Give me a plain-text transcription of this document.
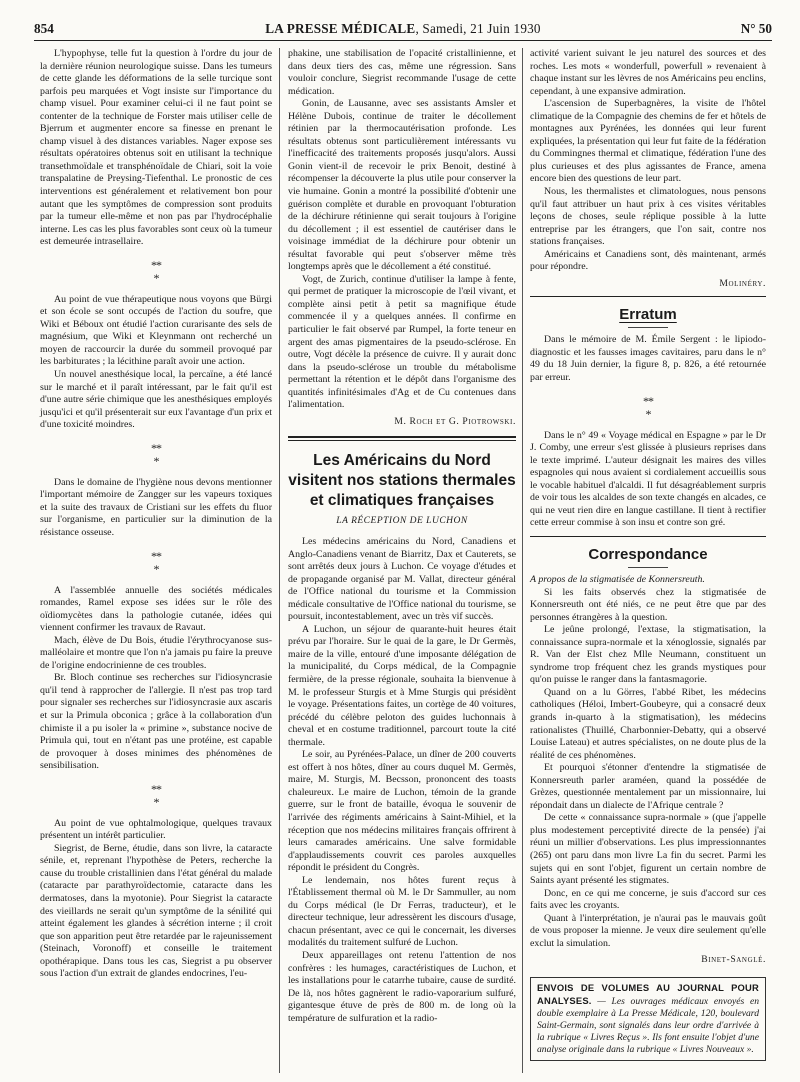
854	LA PRESSE MÉDICALE, Samedi, 21 Juin 1930	N° 50

L'hypophyse, telle fut la question à l'ordre du jour de la dernière réunion neurologique suisse. Dans les tumeurs de cette glande les déformations de la selle turcique sont parfois peu marquées et Vogt insiste sur l'importance du champ visuel. Pour examiner celui-ci il ne faut point se contenter de la technique de Forster mais utiliser celle de Bjerrum et augmenter encore sa finesse en prenant le champ visuel à des distances variables. Nager expose ses résultats opératoires obtenus soit en utilisant la technique transethmoïdale et transphénoïdale de Chiari, soit la voie transpalatine de Preysing-Tiefenthal. Le pronostic de ces interventions est généralement et relativement bon pour autant que les symptômes de compression sont produits par la tumeur elle-même et non pas par l'hydrocéphalie interne. Les cas les plus favorables sont ceux où la tumeur est demeurée intrasellaire.

**
*

Au point de vue thérapeutique nous voyons que Bürgi et son école se sont occupés de l'action du soufre, que Wiki et Béboux ont étudié l'action curarisante des sels de magnésium, que Wiki et Kleynmann ont recherché un moyen de raccourcir la durée du sommeil provoqué par les barbiturates ; la lécithine paraît avoir une action.

Un nouvel anesthésique local, la percaïne, a été lancé sur le marché et il paraît intéressant, par le fait qu'il est d'une autre série chimique que les anesthésiques employés jusqu'ici et qu'il présenterait sur eux l'avantage d'un prix et d'une toxicité moindres.

**
*

Dans le domaine de l'hygiène nous devons mentionner l'important mémoire de Zangger sur les vapeurs toxiques et la suite des travaux de Cristiani sur les effets du fluor sur l'organisme, en particulier sur la diminution de la résistance osseuse.

**
*

A l'assemblée annuelle des sociétés médicales romandes, Ramel expose ses idées sur le rôle des oïdiomycètes dans la pathologie cutanée, idées qui viennent confirmer les travaux de Ravaut.

Mach, élève de Du Bois, étudie l'érythrocyanose sus-malléolaire et montre que l'on n'a jamais pu faire la preuve de l'origine endocrinienne de ces troubles.

Br. Bloch continue ses recherches sur l'idiosyncrasie qu'il tend à rapprocher de l'allergie. Il n'est pas trop tard pour signaler ses recherches sur l'idiosyncrasie aux ascaris et sur la Primula obconica ; grâce à la collaboration d'un chimiste il a pu isoler la « primine », substance nocive de Primula qui, tout en n'étant pas une protéine, est capable de provoquer à doses minimes des phénomènes de sensibilisation.

**
*

Au point de vue ophtalmologique, quelques travaux présentent un intérêt particulier.

Siegrist, de Berne, étudie, dans son livre, la cataracte sénile, et, reprenant l'hypothèse de Peters, recherche la cause du trouble cristallinien dans l'état général du malade (cataracte par parathyroïdectomie, cataracte dans les dermatoses, dans la myotonie). Pour Siegrist la cataracte des vieillards ne serait qu'un symptôme de la sénilité qui atteint également les glandes à sécrétion interne ; il croit que son apparition peut être retardée par le rajeunissement (Steinach, Voronoff) et conseille le traitement opothérapique. Dans tous les cas, Siegrist a pu observer sous l'action d'un extrait de glandes endocrines, l'eu-

phakine, une stabilisation de l'opacité cristallinienne, et dans deux tiers des cas, même une régression. Sans vouloir conclure, Siegrist recommande l'usage de cette médication.

Gonin, de Lausanne, avec ses assistants Amsler et Hélène Dubois, continue de traiter le décollement rétinien par la thermocautérisation profonde. Les résultats obtenus sont particulièrement intéressants vu l'inefficacité des traitements proposés jusqu'alors. Aussi Gonin vient-il de recevoir le prix Benoit, destiné à récompenser la découverte la plus utile pour conserver la vie humaine. Gonin a montré la possibilité d'obtenir une guérison complète et durable en provoquant l'obturation de la déchirure rétinienne qui serait toujours à l'origine du décollement ; il est essentiel de cautériser dans le voisinage immédiat de la déchirure pour obtenir un résultat favorable qui peut s'observer même très longtemps après que le décollement a été constitué.

Vogt, de Zurich, continue d'utiliser la lampe à fente, qui permet de pratiquer la microscopie de l'œil vivant, et complète ainsi petit à petit sa magnifique étude commencée il y a quelques années. Il confirme en particulier le fait observé par Rumpel, la forte teneur en argent des amas pigmentaires de la pseudo-sclérose. En outre, Vogt décèle la présence de cuivre. Il y aurait donc dans la pseudo-sclérose un trouble du métabolisme permettant la rétention et le dépôt dans l'organisme des quantités infinitésimales d'Ag et de Cu contenues dans l'alimentation.

M. Roch et G. Piotrowski.
Les Américains du Nord
visitent nos stations thermales
et climatiques françaises
LA RÉCEPTION DE LUCHON

Les médecins américains du Nord, Canadiens et Anglo-Canadiens venant de Biarritz, Dax et Cauterets, se sont arrêtés deux jours à Luchon. Ce voyage d'études et de propagande organisé par M. Vallat, directeur général de l'Office national du tourisme et la Commission médicale consultative de l'Office national du tourisme, se poursuit, incontestablement, avec un très vif succès.

A Luchon, un séjour de quarante-huit heures était prévu par l'horaire. Sur le quai de la gare, le Dr Germès, maire de la ville, entouré d'une imposante délégation de la municipalité, du Corps médical, de la Compagnie fermière, de la presse régionale, souhaita la bienvenue à M. le professeur Sturgis et à Mme Sturgis qui présidènt le voyage. Présentations faites, un cortège de 40 voitures, précédé du célèbre peloton des guides luchonnais à cheval et en costume traditionnel, parcourt toute la cité thermale.

Le soir, au Pyrénées-Palace, un dîner de 200 couverts est offert à nos hôtes, dîner au cours duquel M. Germès, maire, M. Sturgis, M. Becsson, prononcent des toasts chaleureux. Le maire de Luchon, témoin de la grande guerre, sur le front de bataille, évoqua le souvenir de l'arrivée des régiments américains à Saint-Mihiel, et la réception que nos médecins militaires français offrirent à leurs camarades américains. Une salve formidable d'applaudissements couvrit ces paroles auxquelles répondit le président du Congrès.

Le lendemain, nos hôtes furent reçus à l'Établissement thermal où M. le Dr Sammuller, au nom du Corps médical (le Dr Ferras, traducteur), et le directeur technique, leur adressèrent les discours d'usage, chacun présentant, avec ce qui le concernait, les diverses modalités du traitement sulfuré de Luchon.

Deux appareillages ont retenu l'attention de nos confrères : les humages, caractéristiques de Luchon, et les installations pour le catarrhe tubaire, cause de surdité. De là, nos hôtes gagnèrent le radio-vaporarium sulfuré, gigantesque étuve de près de 800 m. de long où la température de sulfuration et la radio-

activité varient suivant le jeu naturel des sources et des roches. Les mots « wonderfull, powerfull » revenaient à chaque instant sur les lèvres de nos Américains peu enclins, cependant, à une expansive admiration.

L'ascension de Superbagnères, la visite de l'hôtel climatique de la Compagnie des chemins de fer et hôtels de montagnes aux Pyrénées, les données qui leur furent expliquées, la présentation qui leur fut faite de la fédération du Commingnes thermal et climatique, fédération l'une des plus curieuses et des plus agissantes de France, amena encore bien des questions de leur part.

Nous, les thermalistes et climatologues, nous pensons qu'il faut attribuer un haut prix à ces visites véritables leçons de choses, seule réplique possible à la lutte entreprise par les étrangers, que l'on sait, contre nos stations françaises.

Américains et Canadiens sont, dès maintenant, armés pour répondre.

Molinéry.
Erratum

Dans le mémoire de M. Émile Sergent : le lipiodo-diagnostic et les fausses images cavitaires, paru dans le n° 49 du 18 Juin dernier, la figure 8, p. 826, a été retournée par erreur.

**
*

Dans le n° 49 « Voyage médical en Espagne » par le Dr J. Comby, une erreur s'est glissée à plusieurs reprises dans le texte imprimé. L'auteur désignait les maires des villes espagnoles qui nous avaient si cordialement accueillis sous le vocable habituel d'alcaldi. Il fut désagréablement surpris de voir tous les alcaldes de son texte changés en alcades, ce qui ne veut rien dire en langue castillane. Il tient à rectifier cette erreur commise à son insu et contre son gré.

Correspondance

A propos de la stigmatisée de Konnersreuth.

Si les faits observés chez la stigmatisée de Konnersreuth ont été niés, ce ne peut être que par des personnes étrangères à la question.

Le jeûne prolongé, l'extase, la stigmatisation, la connaissance supra-normale et la xénoglossie, signalés par R. Van der Elst chez Mlle Neumann, constituent un syndrome trop fréquent chez les grands mystiques pour qu'on puisse le ranger dans la fantasmagorie.

Quand on a lu Görres, l'abbé Ribet, les médecins catholiques (Héloi, Imbert-Goubeyre, qui a consacré deux grands in-quarto à la stigmatisation), les médecins rationalistes (Thuillé, Charbonnier-Debatty, qui a observé Louise Lateau) et autres spécialistes, on ne doute plus de la réalité de ces phénomènes.

Et pourquoi s'étonner d'entendre la stigmatisée de Konnersreuth parler araméen, quand la possédée de Grèzes, questionnée mentalement par un missionnaire, lui répondait dans un dialecte de l'Afrique centrale ?

De cette « connaissance supra-normale » (que j'appelle plus modestement perceptivité directe de la pensée) j'ai réuni un millier d'observations. Les plus impressionnantes (265) ont paru dans mon livre La fin du secret. Parmi les sujets qui en sont l'objet, figurent un certain nombre de Saints ayant présenté les stigmates.

Donc, en ce qui me concerne, je suis d'accord sur ces faits avec les croyants.

Quant à l'interprétation, je n'aurai pas le mauvais goût de vous proposer la mienne. Je veux dire seulement qu'elle exclut la simulation.

Binet-Sanglé.

ENVOIS DE VOLUMES AU JOURNAL POUR ANALYSES. — Les ouvrages médicaux envoyés en double exemplaire à La Presse Médicale, 120, boulevard Saint-Germain, sont signalés dans leur ordre d'arrivée à la rubrique « Livres Reçus ». Ils font ensuite l'objet d'une analyse originale dans la rubrique « Livres Nouveaux ».
